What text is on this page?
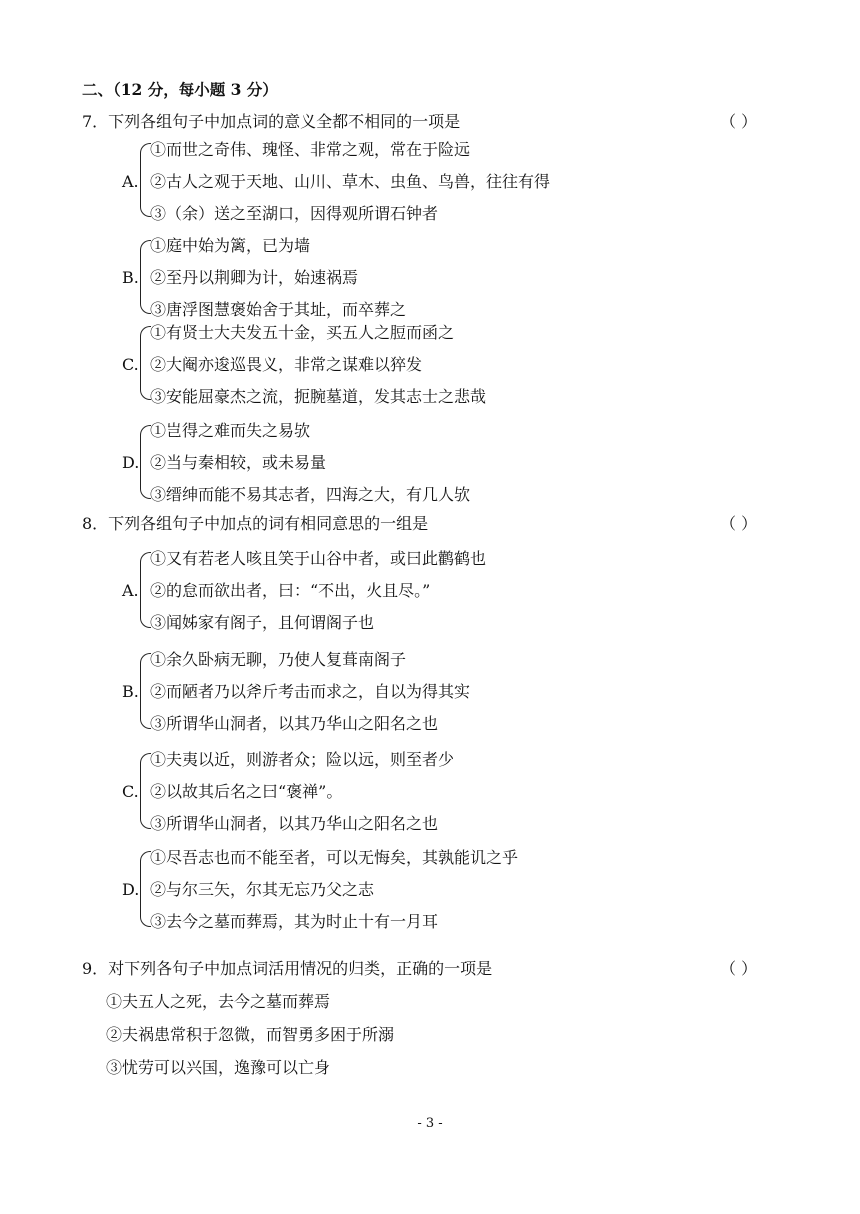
二、（12 分，每小题 3 分）
7．下列各组句子中加点词的意义全都不相同的一项是	（ ）
A.
①而世之奇伟、瑰怪、非常之观，常在于险远
②古人之观于天地、山川、草木、虫鱼、鸟兽，往往有得
③（余）送之至湖口，因得观所谓石钟者
B.
①庭中始为篱，已为墙
②至丹以荆卿为计，始速祸焉
③唐浮图慧褒始舍于其址，而卒葬之
C.
①有贤士大夫发五十金，买五人之脰而函之
②大阉亦逡巡畏义，非常之谋难以猝发
③安能屈豪杰之流，扼腕墓道，发其志士之悲哉
D.
①岂得之难而失之易欤
②当与秦相较，或未易量
③缙绅而能不易其志者，四海之大，有几人欤
8．下列各组句子中加点的词有相同意思的一组是	（ ）
A.
①又有若老人咳且笑于山谷中者，或曰此鹳鹤也
②的怠而欲出者，曰：“不出，火且尽。”
③闻姊家有阁子，且何谓阁子也
B.
①余久卧病无聊，乃使人复葺南阁子
②而陋者乃以斧斤考击而求之，自以为得其实
③所谓华山洞者，以其乃华山之阳名之也
C.
①夫夷以近，则游者众；险以远，则至者少
②以故其后名之曰“褒禅”。
③所谓华山洞者，以其乃华山之阳名之也
D.
①尽吾志也而不能至者，可以无悔矣，其孰能讥之乎
②与尔三矢，尔其无忘乃父之志
③去今之墓而葬焉，其为时止十有一月耳
9．对下列各句子中加点词活用情况的归类，正确的一项是	（ ）
①夫五人之死，去今之墓而葬焉
②夫祸患常积于忽微，而智勇多困于所溺
③忧劳可以兴国，逸豫可以亡身
- 3 -
